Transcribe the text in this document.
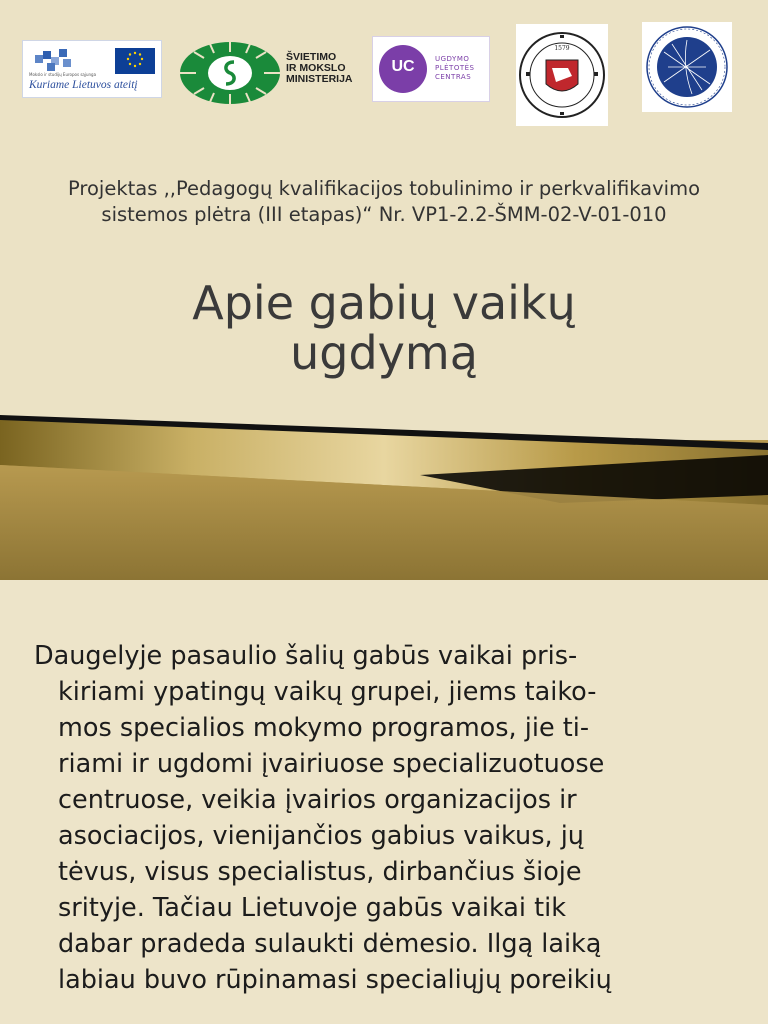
Mokslo ir studijų Europos sąjunga
Kuriame Lietuvos ateitį
ŠVIETIMO
IR MOKSLO
MINISTERIJA
UC	UGDYMO
PLĖTOTĖS
CENTRAS
1579
Projektas ,,Pedagogų kvalifikacijos tobulinimo ir perkvalifikavimo
sistemos plėtra (III etapas)“ Nr. VP1-2.2-ŠMM-02-V-01-010
Apie gabių vaikų
ugdymą
Daugelyje pasaulio šalių gabūs vaikai pris-
kiriami ypatingų vaikų grupei, jiems taiko-
mos specialios mokymo programos, jie ti-
riami ir ugdomi įvairiuose specializuotuose
centruose, veikia įvairios organizacijos ir
asociacijos, vienijančios gabius vaikus, jų
tėvus, visus specialistus, dirbančius šioje
srityje. Tačiau Lietuvoje gabūs vaikai tik
dabar pradeda sulaukti dėmesio. Ilgą laiką
labiau buvo rūpinamasi specialiųjų poreikių
